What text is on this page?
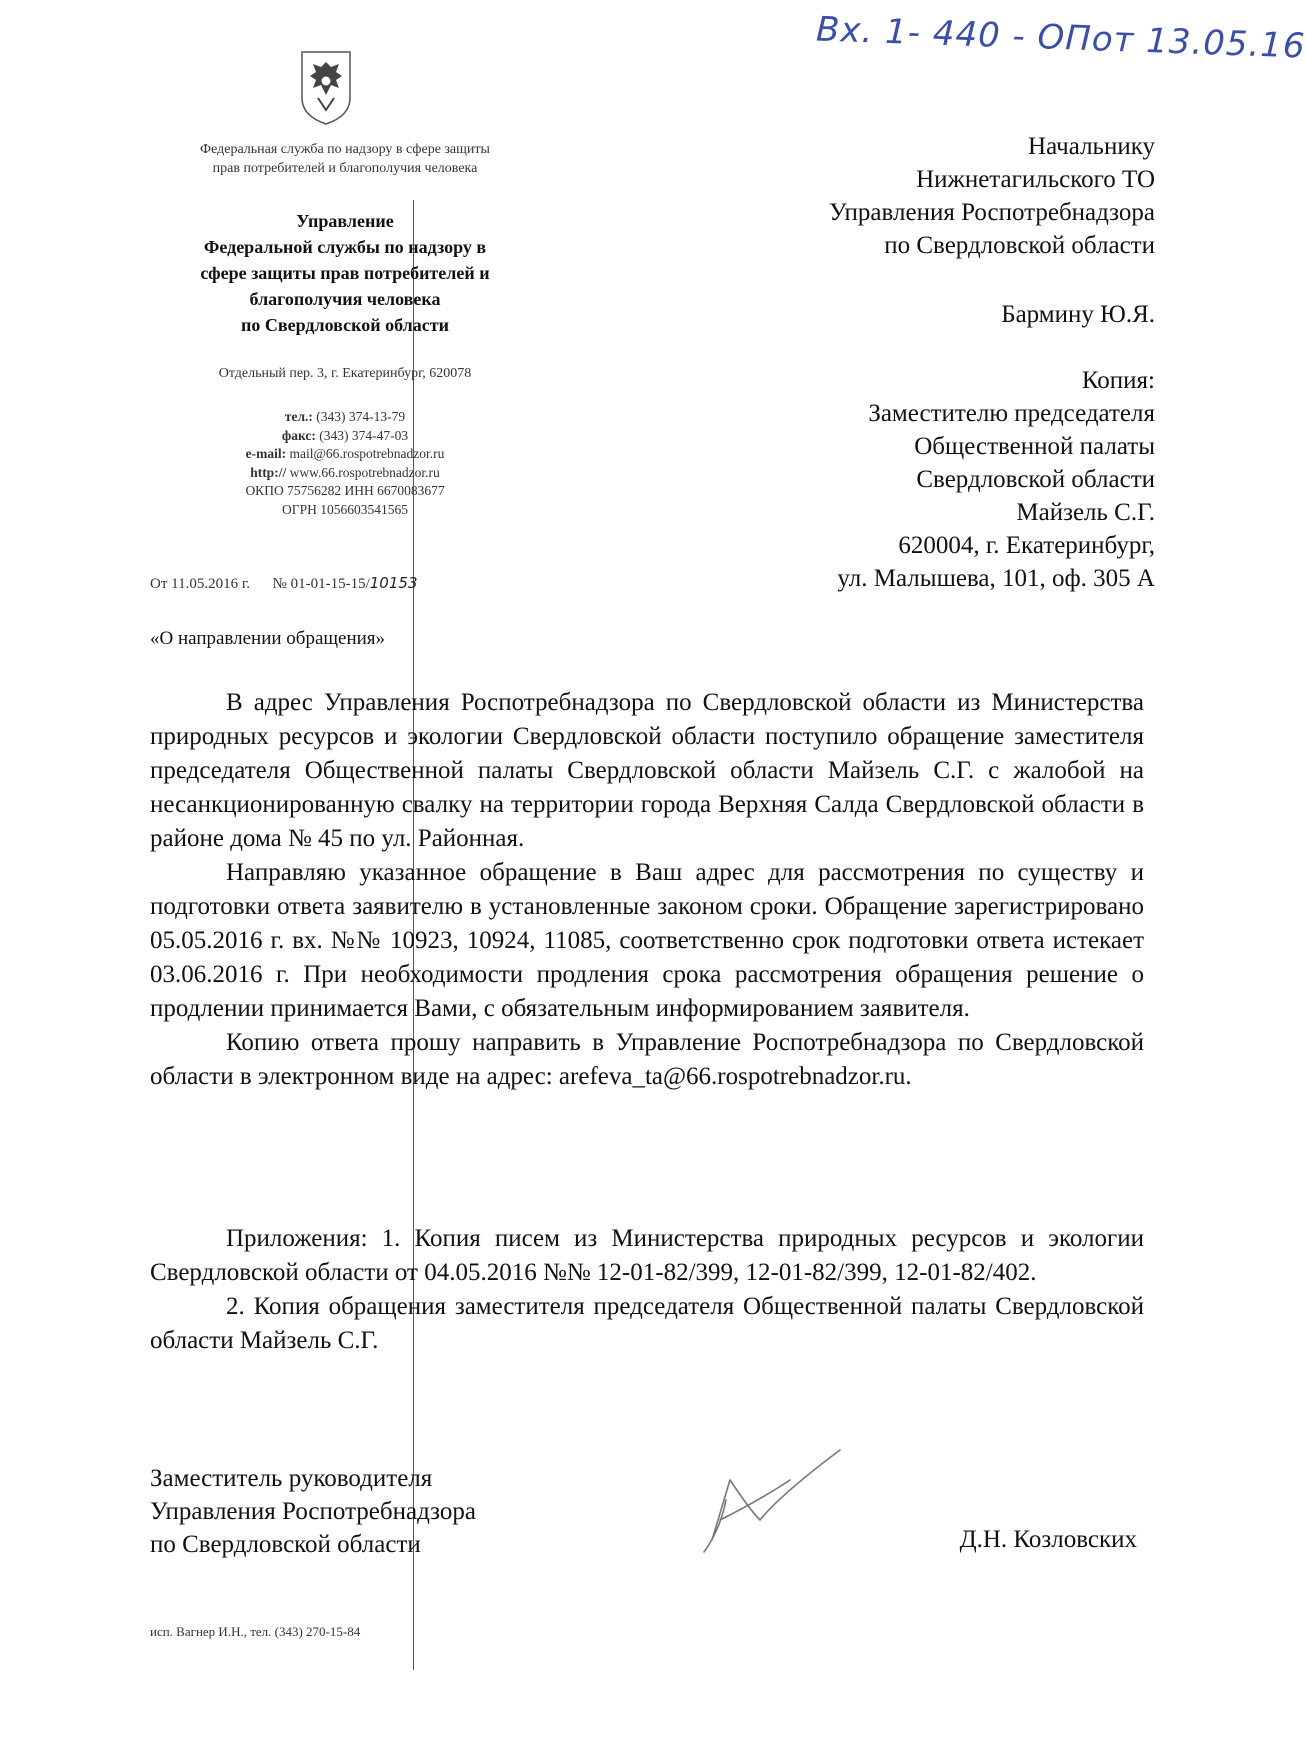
Вх. 1- 440 - ОПот 13.05.16
Федеральная служба по надзору в сфере защиты
прав потребителей и благополучия человека
Управление
Федеральной службы по надзору в
сфере защиты прав потребителей и
благополучия человека
по Свердловской области
Отдельный пер. 3, г. Екатеринбург, 620078
тел.: (343) 374-13-79
факс: (343) 374-47-03
e-mail: mail@66.rospotrebnadzor.ru
http:// www.66.rospotrebnadzor.ru
ОКПО 75756282 ИНН 6670083677
ОГРН 1056603541565
От 11.05.2016 г. № 01-01-15-15/10153
«О направлении обращения»
Начальнику
Нижнетагильского ТО
Управления Роспотребнадзора
по Свердловской области
Бармину Ю.Я.
Копия:
Заместителю председателя
Общественной палаты
Свердловской области
Майзель С.Г.
620004, г. Екатеринбург,
ул. Малышева, 101, оф. 305 А

В адрес Управления Роспотребнадзора по Свердловской области из Министерства природных ресурсов и экологии Свердловской области поступило обращение заместителя председателя Общественной палаты Свердловской области Майзель С.Г. с жалобой на несанкционированную свалку на территории города Верхняя Салда Свердловской области в районе дома № 45 по ул. Районная.

Направляю указанное обращение в Ваш адрес для рассмотрения по существу и подготовки ответа заявителю в установленные законом сроки. Обращение зарегистрировано 05.05.2016 г. вх. №№ 10923, 10924, 11085, соответственно срок подготовки ответа истекает 03.06.2016 г. При необходимости продления срока рассмотрения обращения решение о продлении принимается Вами, с обязательным информированием заявителя.

Копию ответа прошу направить в Управление Роспотребнадзора по Свердловской области в электронном виде на адрес: arefeva_ta@66.rospotrebnadzor.ru.

Приложения: 1. Копия писем из Министерства природных ресурсов и экологии Свердловской области от 04.05.2016 №№ 12-01-82/399, 12-01-82/399, 12-01-82/402.

2. Копия обращения заместителя председателя Общественной палаты Свердловской области Майзель С.Г.

Заместитель руководителя
Управления Роспотребнадзора
по Свердловской области	Д.Н. Козловских
исп. Вагнер И.Н., тел. (343) 270-15-84
